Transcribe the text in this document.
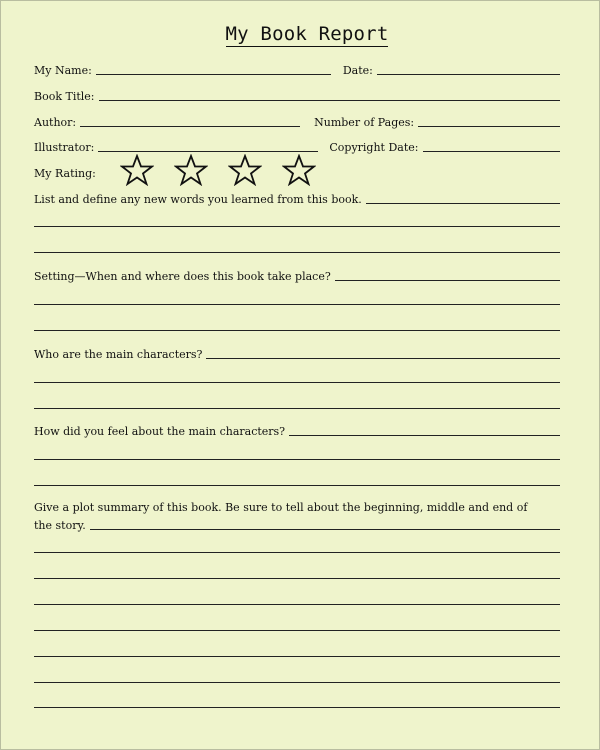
My Book Report
My Name:	Date:
Book Title:
Author:	Number of Pages:
Illustrator:	Copyright Date:
My Rating:
List and define any new words you learned from this book.
Setting—When and where does this book take place?
Who are the main characters?
How did you feel about the main characters?
Give a plot summary of this book. Be sure to tell about the beginning, middle and end of
the story.
